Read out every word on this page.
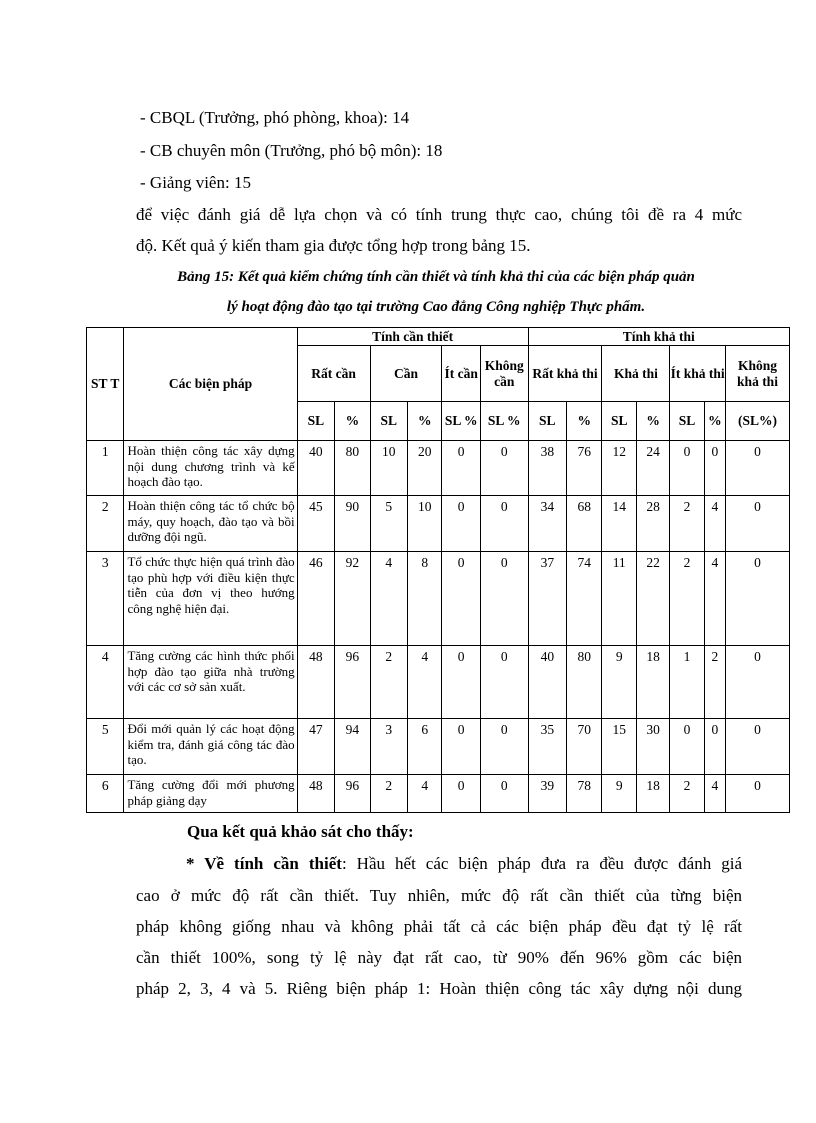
- CBQL (Trưởng, phó phòng, khoa): 14
- CB chuyên môn (Trưởng, phó bộ môn): 18
- Giảng viên: 15
để việc đánh giá dễ lựa chọn và có tính trung thực cao, chúng tôi đề ra 4 mức
độ. Kết quả ý kiến tham gia được tổng hợp trong bảng 15.
Bảng 15: Kết quả kiểm chứng tính cần thiết và tính khả thi của các biện pháp quản
lý hoạt động đào tạo tại trường Cao đẳng Công nghiệp Thực phẩm.
ST T	Các biện pháp	Tính cần thiết						Tính khả thi						
		Rất cần		Cần		Ít cần	Không cần	Rất khả thi		Khả thi		Ít khả thi		Không khả thi
		SL	%	SL	%	SL %	SL %	SL	%	SL	%	SL	%	(SL%)
1	Hoàn thiện công tác xây dựng nội dung chương trình và kế hoạch đào tạo.	40	80	10	20	0	0	38	76	12	24	0	0	0
2	Hoàn thiện công tác tổ chức bộ máy, quy hoạch, đào tạo và bồi dưỡng đội ngũ.	45	90	5	10	0	0	34	68	14	28	2	4	0
3	Tổ chức thực hiện quá trình đào tạo phù hợp với điều kiện thực tiễn của đơn vị theo hướng công nghệ hiện đại.	46	92	4	8	0	0	37	74	11	22	2	4	0
4	Tăng cường các hình thức phối hợp đào tạo giữa nhà trường với các cơ sở sản xuất.	48	96	2	4	0	0	40	80	9	18	1	2	0
5	Đổi mới quản lý các hoạt động kiểm tra, đánh giá công tác đào tạo.	47	94	3	6	0	0	35	70	15	30	0	0	0
6	Tăng cường đổi mới phương pháp giảng dạy	48	96	2	4	0	0	39	78	9	18	2	4	0
Qua kết quả khảo sát cho thấy:
* Về tính cần thiết: Hầu hết các biện pháp đưa ra đều được đánh giá
cao ở mức độ rất cần thiết. Tuy nhiên, mức độ rất cần thiết của từng biện
pháp không giống nhau và không phải tất cả các biện pháp đều đạt tỷ lệ rất
cần thiết 100%, song tỷ lệ này đạt rất cao, từ 90% đến 96% gồm các biện
pháp 2, 3, 4 và 5. Riêng biện pháp 1: Hoàn thiện công tác xây dựng nội dung
